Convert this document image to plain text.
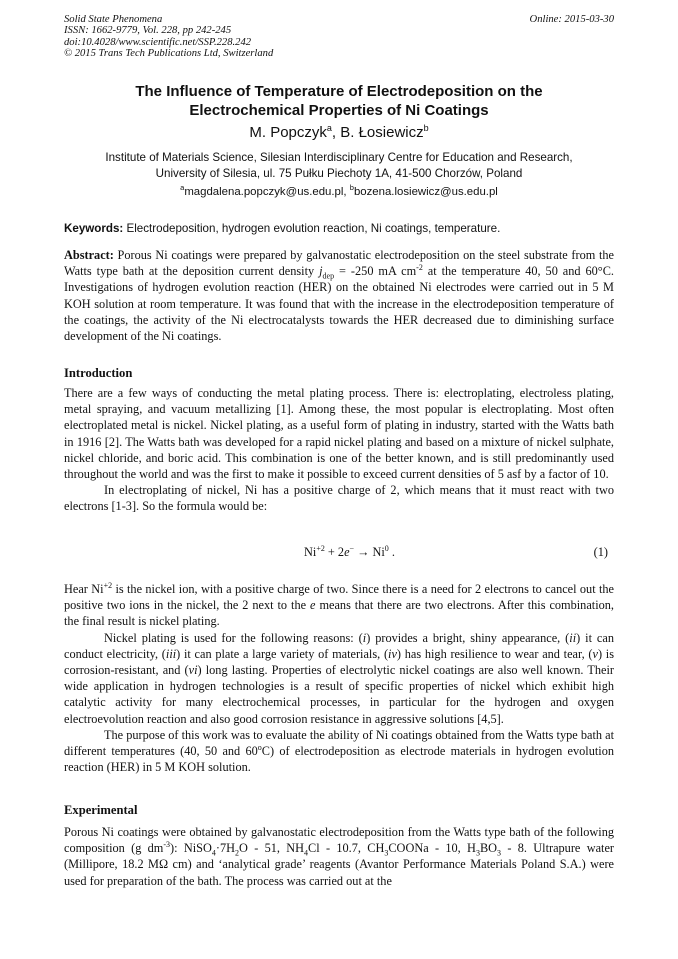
Solid State Phenomena
ISSN: 1662-9779, Vol. 228, pp 242-245
doi:10.4028/www.scientific.net/SSP.228.242
© 2015 Trans Tech Publications Ltd, Switzerland
Online: 2015-03-30
The Influence of Temperature of Electrodeposition on the
Electrochemical Properties of Ni Coatings
M. Popczyk$^a$, B. Łosiewicz$^b$
Institute of Materials Science, Silesian Interdisciplinary Centre for Education and Research,
University of Silesia, ul. 75 Pułku Piechoty 1A, 41-500 Chorzów, Poland
$^a$magdalena.popczyk@us.edu.pl, $^b$bozena.losiewicz@us.edu.pl
Keywords: Electrodeposition, hydrogen evolution reaction, Ni coatings, temperature.

Abstract: Porous Ni coatings were prepared by galvanostatic electrodeposition on the steel substrate from the Watts type bath at the deposition current density $j_{dep} = -250$ mA $cm^{-2}$ at the temperature 40, 50 and 60°C. Investigations of hydrogen evolution reaction (HER) on the obtained Ni electrodes were carried out in 5 M KOH solution at room temperature. It was found that with the increase in the electrodeposition temperature of the coatings, the activity of the Ni electrocatalysts towards the HER decreased due to diminishing surface development of the Ni coatings.

Introduction

There are a few ways of conducting the metal plating process. There is: electroplating, electroless plating, metal spraying, and vacuum metallizing [1]. Among these, the most popular is electroplating. Most often electroplated metal is nickel. Nickel plating, as a useful form of plating in industry, started with the Watts bath in 1916 [2]. The Watts bath was developed for a rapid nickel plating and based on a mixture of nickel sulphate, nickel chloride, and boric acid. This combination is one of the better known, and is still predominantly used throughout the world and was the first to make it possible to exceed current densities of 5 asf by a factor of 10.

In electroplating of nickel, Ni has a positive charge of 2, which means that it must react with two electrons [1-3]. So the formula would be:

$Ni^{+2} + 2e^- \to Ni^0$ .	(1)

Hear $Ni^{+2}$ is the nickel ion, with a positive charge of two. Since there is a need for 2 electrons to cancel out the positive two ions in the nickel, the 2 next to the e means that there are two electrons. After this combination, the final result is nickel plating.

Nickel plating is used for the following reasons: (i) provides a bright, shiny appearance, (ii) it can conduct electricity, (iii) it can plate a large variety of materials, (iv) has high resilience to wear and tear, (v) is corrosion-resistant, and (vi) long lasting. Properties of electrolytic nickel coatings are also well known. Their wide application in hydrogen technologies is a result of specific properties of nickel which exhibit high catalytic activity for many electrochemical processes, in particular for the hydrogen and oxygen electroevolution reaction and also good corrosion resistance in aggressive solutions [4,5].

The purpose of this work was to evaluate the ability of Ni coatings obtained from the Watts type bath at different temperatures (40, 50 and 60$^o$C) of electrodeposition as electrode materials in hydrogen evolution reaction (HER) in 5 M KOH solution.

Experimental

Porous Ni coatings were obtained by galvanostatic electrodeposition from the Watts type bath of the following composition (g $dm^{-3}$): $NiSO_4\cdot 7H_2O - 51$, $NH_4Cl - 10.7$, $CH_3COONa - 10$, $H_3BO_3 - 8$. Ultrapure water (Millipore, 18.2 MΩ cm) and ‘analytical grade’ reagents (Avantor Performance Materials Poland S.A.) were used for preparation of the bath. The process was carried out at the
